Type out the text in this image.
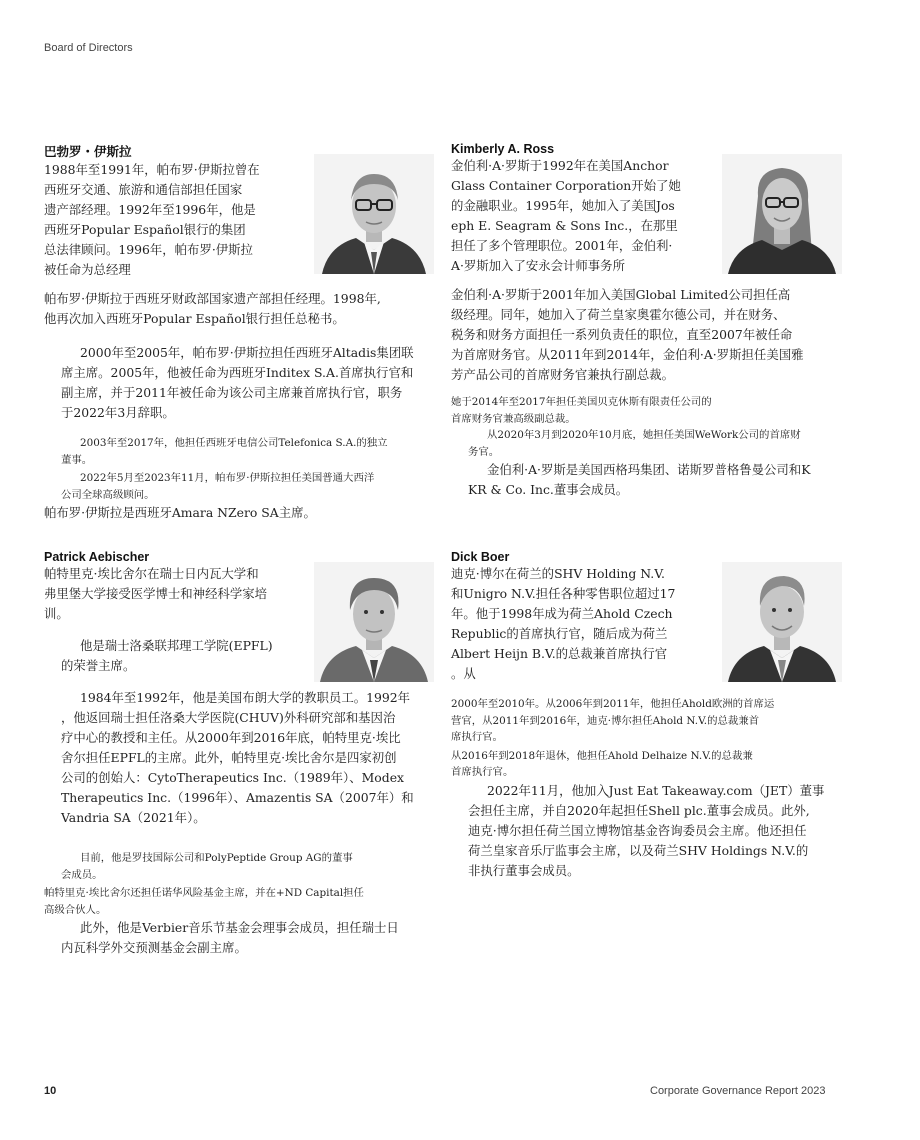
Board of Directors
巴勃罗・伊斯拉
1988年至1991年，帕布罗·伊斯拉曾在
西班牙交通、旅游和通信部担任国家
遗产部经理。1992年至1996年，他是
西班牙Popular Español银行的集团
总法律顾问。1996年，帕布罗·伊斯拉
被任命为总经理

帕布罗·伊斯拉于西班牙财政部国家遗产部担任经理。1998年,
他再次加入西班牙Popular Español银行担任总秘书。

2000年至2005年，帕布罗·伊斯拉担任西班牙Altadis集团联
席主席。2005年，他被任命为西班牙Inditex S.A.首席执行官和
副主席，并于2011年被任命为该公司主席兼首席执行官，职务
于2022年3月辞职。

2003年至2017年，他担任西班牙电信公司Telefonica S.A.的独立
董事。

2022年5月至2023年11月，帕布罗·伊斯拉担任美国普通大西洋
公司全球高级顾问。

帕布罗·伊斯拉是西班牙Amara NZero SA主席。

Kimberly A. Ross
金伯利·A·罗斯于1992年在美国Anchor
Glass Container Corporation开始了她
的金融职业。1995年，她加入了美国Jos
eph E. Seagram & Sons Inc.，在那里
担任了多个管理职位。2001年，金伯利·
A·罗斯加入了安永会计师事务所

金伯利·A·罗斯于2001年加入美国Global Limited公司担任高
级经理。同年，她加入了荷兰皇家奥霍尔德公司，并在财务、
税务和财务方面担任一系列负责任的职位，直至2007年被任命
为首席财务官。从2011年到2014年，金伯利·A·罗斯担任美国雅
芳产品公司的首席财务官兼执行副总裁。

她于2014年至2017年担任美国贝克休斯有限责任公司的
首席财务官兼高级副总裁。

从2020年3月到2020年10月底，她担任美国WeWork公司的首席财
务官。

金伯利·A·罗斯是美国西格玛集团、诺斯罗普格鲁曼公司和K
KR & Co. Inc.董事会成员。

Patrick Aebischer
帕特里克·埃比舍尔在瑞士日内瓦大学和
弗里堡大学接受医学博士和神经科学家培
训。

他是瑞士洛桑联邦理工学院(EPFL)
的荣誉主席。

1984年至1992年，他是美国布朗大学的教职员工。1992年
，他返回瑞士担任洛桑大学医院(CHUV)外科研究部和基因治
疗中心的教授和主任。从2000年到2016年底，帕特里克·埃比
舍尔担任EPFL的主席。此外，帕特里克·埃比舍尔是四家初创
公司的创始人：CytoTherapeutics Inc.（1989年）、Modex
Therapeutics Inc.（1996年）、Amazentis SA（2007年）和
Vandria SA（2021年）。

目前，他是罗技国际公司和PolyPeptide Group AG的董事
会成员。

帕特里克·埃比舍尔还担任诺华风险基金主席，并在+ND Capital担任
高级合伙人。

此外，他是Verbier音乐节基金会理事会成员，担任瑞士日
内瓦科学外交预测基金会副主席。

Dick Boer
迪克·博尔在荷兰的SHV Holding N.V.
和Unigro N.V.担任各种零售职位超过17
年。他于1998年成为荷兰Ahold Czech
Republic的首席执行官，随后成为荷兰
Albert Heijn B.V.的总裁兼首席执行官
。从

2000年至2010年。从2006年到2011年，他担任Ahold欧洲的首席运
营官，从2011年到2016年，迪克·博尔担任Ahold N.V.的总裁兼首
席执行官。

从2016年到2018年退休，他担任Ahold Delhaize N.V.的总裁兼
首席执行官。

2022年11月，他加入Just Eat Takeaway.com（JET）董事
会担任主席，并自2020年起担任Shell plc.董事会成员。此外,
迪克·博尔担任荷兰国立博物馆基金咨询委员会主席。他还担任
荷兰皇家音乐厅监事会主席，以及荷兰SHV Holdings N.V.的
非执行董事会成员。

10	Corporate Governance Report 2023
